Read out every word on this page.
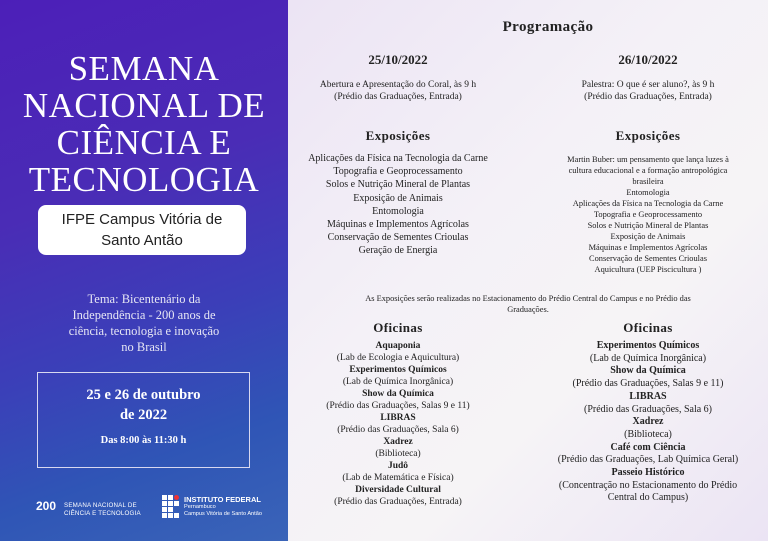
SEMANA
NACIONAL DE
CIÊNCIA E
TECNOLOGIA
IFPE Campus Vitória de
Santo Antão
Tema: Bicentenário da
Independência - 200 anos de
ciência, tecnologia e inovação
no Brasil
25 e 26 de outubro
de 2022
Das 8:00 às 11:30 h
200	SEMANA NACIONAL DE
CIÊNCIA E TECNOLOGIA
INSTITUTO FEDERAL
Pernambuco
Campus Vitória de Santo Antão
Programação
25/10/2022
Abertura e Apresentação do Coral, às 9 h
(Prédio das Graduações, Entrada)
Exposições
Aplicações da Física na Tecnologia da Carne
Topografia e Geoprocessamento
Solos e Nutrição Mineral de Plantas
Exposição de Animais
Entomologia
Máquinas e Implementos Agrícolas
Conservação de Sementes Crioulas
Geração de Energia
26/10/2022
Palestra: O que é ser aluno?, às 9 h
(Prédio das Graduações, Entrada)
Exposições
Martin Buber: um pensamento que lança luzes à
cultura educacional e a formação antropológica
brasileira
Entomologia
Aplicações da Física na Tecnologia da Carne
Topografia e Geoprocessamento
Solos e Nutrição Mineral de Plantas
Exposição de Animais
Máquinas e Implementos Agrícolas
Conservação de Sementes Crioulas
Aquicultura (UEP Piscicultura )
As Exposições serão realizadas no Estacionamento do Prédio Central do Campus e no Prédio das
Graduações.
Oficinas
Aquaponia
(Lab de Ecologia e Aquicultura)
Experimentos Químicos
(Lab de Química Inorgânica)
Show da Química
(Prédio das Graduações, Salas 9 e 11)
LIBRAS
(Prédio das Graduações, Sala 6)
Xadrez
(Biblioteca)
Judô
(Lab de Matemática e Física)
Diversidade Cultural
(Prédio das Graduações, Entrada)
Oficinas
Experimentos Químicos
(Lab de Química Inorgânica)
Show da Química
(Prédio das Graduações, Salas 9 e 11)
LIBRAS
(Prédio das Graduações, Sala 6)
Xadrez
(Biblioteca)
Café com Ciência
(Prédio das Graduações, Lab Química Geral)
Passeio Histórico
(Concentração no Estacionamento do Prédio
Central do Campus)
